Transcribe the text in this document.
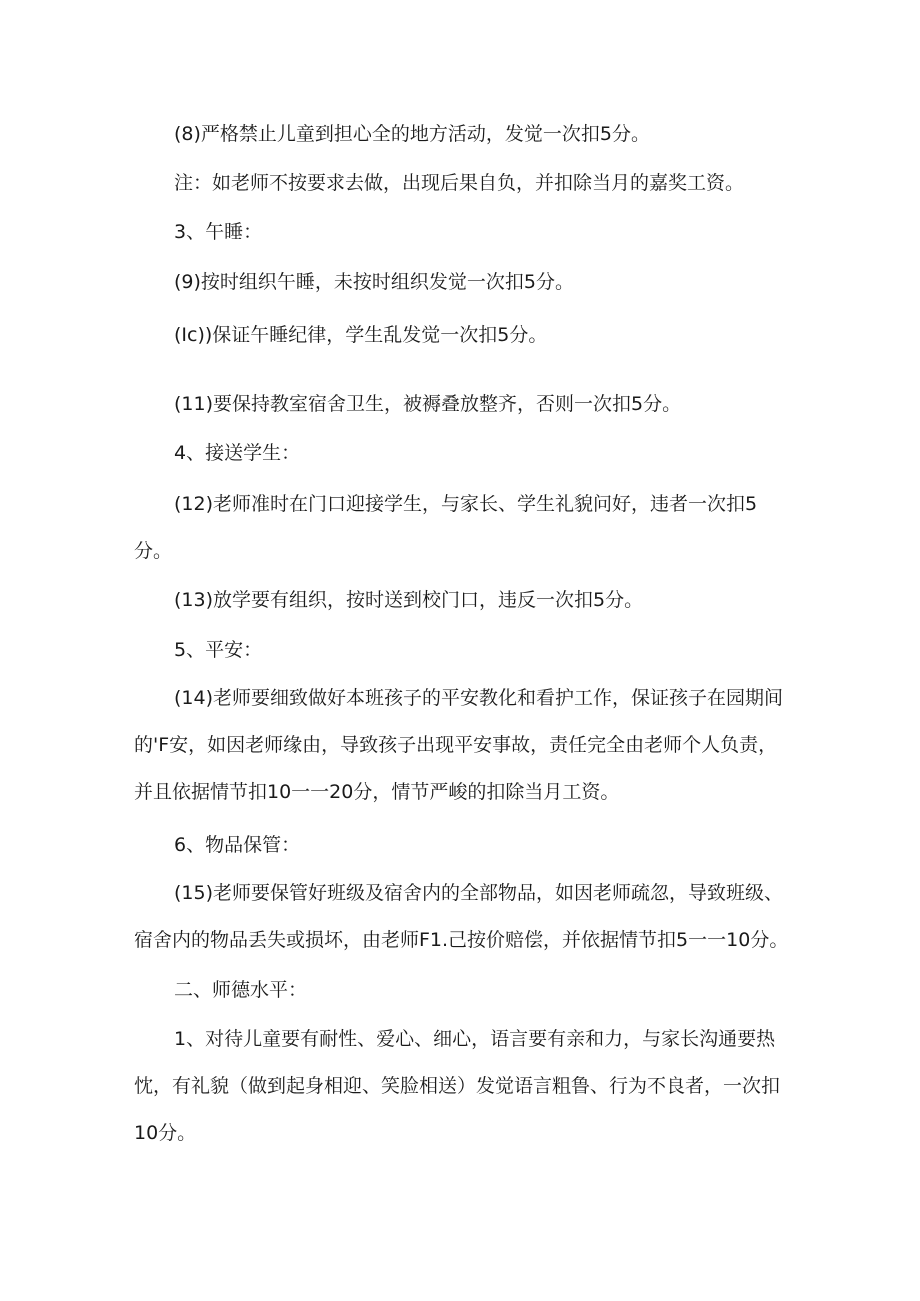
(8)严格禁止儿童到担心全的地方活动，发觉一次扣5分。

注：如老师不按要求去做，出现后果自负，并扣除当月的嘉奖工资。

3、午睡：

(9)按时组织午睡，未按时组织发觉一次扣5分。

(Ic))保证午睡纪律，学生乱发觉一次扣5分。

(11)要保持教室宿舍卫生，被褥叠放整齐，否则一次扣5分。

4、接送学生：

(12)老师准时在门口迎接学生，与家长、学生礼貌问好，违者一次扣5分。

(13)放学要有组织，按时送到校门口，违反一次扣5分。

5、平安：

(14)老师要细致做好本班孩子的平安教化和看护工作，保证孩子在园期间的'F安，如因老师缘由，导致孩子出现平安事故，责任完全由老师个人负责，并且依据情节扣10一一20分，情节严峻的扣除当月工资。

6、物品保管：

(15)老师要保管好班级及宿舍内的全部物品，如因老师疏忽，导致班级、宿舍内的物品丢失或损坏，由老师F1.己按价赔偿，并依据情节扣5一一10分。

二、师德水平：

1、对待儿童要有耐性、爱心、细心，语言要有亲和力，与家长沟通要热忱，有礼貌（做到起身相迎、笑脸相送）发觉语言粗鲁、行为不良者，一次扣10分。
